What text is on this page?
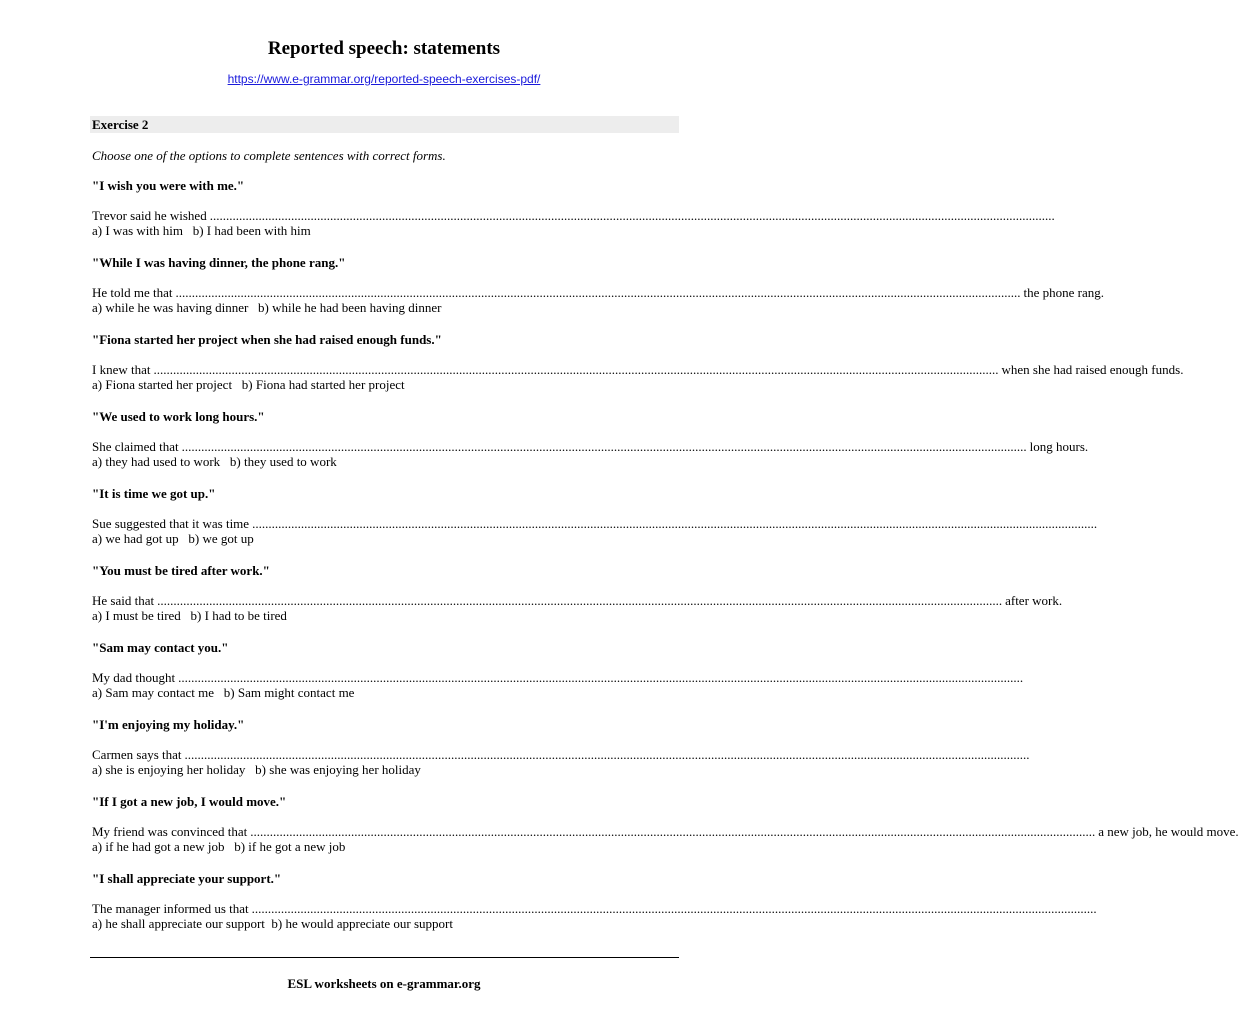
Reported speech: statements
https://www.e-grammar.org/reported-speech-exercises-pdf/
Exercise 2
Choose one of the options to complete sentences with correct forms.
"I wish you were with me."
Trevor said he wished ....................................................................................................................................................................................................................................................................
a) I was with him   b) I had been with him
"While I was having dinner, the phone rang."
He told me that .................................................................................................................................................................................................................................................................... the phone rang.
a) while he was having dinner   b) while he had been having dinner
"Fiona started her project when she had raised enough funds."
I knew that .................................................................................................................................................................................................................................................................... when she had raised enough funds.
a) Fiona started her project   b) Fiona had started her project
"We used to work long hours."
She claimed that .................................................................................................................................................................................................................................................................... long hours.
a) they had used to work   b) they used to work
"It is time we got up."
Sue suggested that it was time ....................................................................................................................................................................................................................................................................
a) we had got up   b) we got up
"You must be tired after work."
He said that .................................................................................................................................................................................................................................................................... after work.
a) I must be tired   b) I had to be tired
"Sam may contact you."
My dad thought ....................................................................................................................................................................................................................................................................
a) Sam may contact me   b) Sam might contact me
"I'm enjoying my holiday."
Carmen says that ....................................................................................................................................................................................................................................................................
a) she is enjoying her holiday   b) she was enjoying her holiday
"If I got a new job, I would move."
My friend was convinced that .................................................................................................................................................................................................................................................................... a new job, he would move.
a) if he had got a new job   b) if he got a new job
"I shall appreciate your support."
The manager informed us that ....................................................................................................................................................................................................................................................................
a) he shall appreciate our support  b) he would appreciate our support
ESL worksheets on e-grammar.org
